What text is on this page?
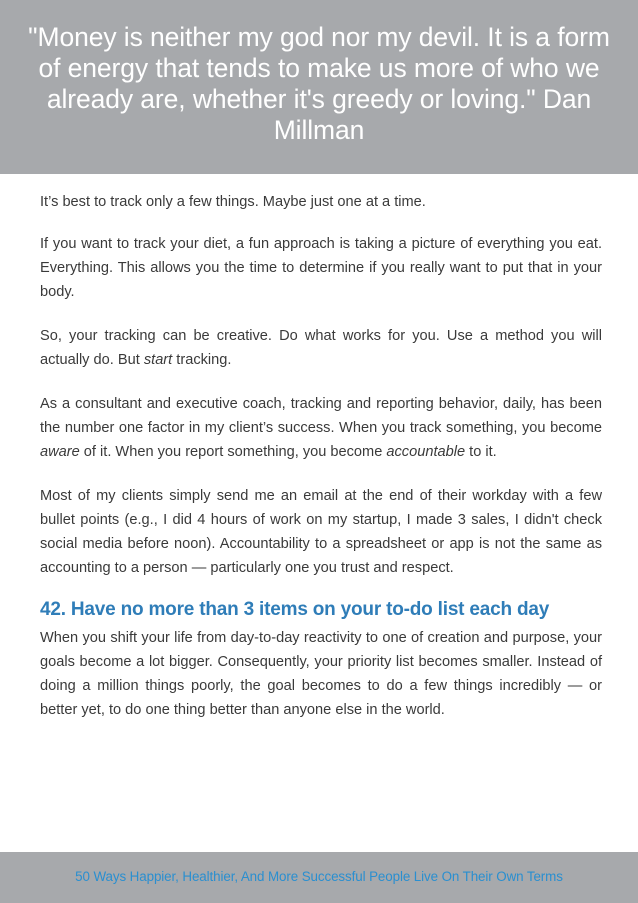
"Money is neither my god nor my devil. It is a form of energy that tends to make us more of who we already are, whether it's greedy or loving." Dan Millman

It’s best to track only a few things. Maybe just one at a time.

If you want to track your diet, a fun approach is taking a picture of everything you eat. Everything. This allows you the time to determine if you really want to put that in your body.

So, your tracking can be creative. Do what works for you. Use a method you will actually do. But start tracking.

As a consultant and executive coach, tracking and reporting behavior, daily, has been the number one factor in my client’s success. When you track something, you become aware of it. When you report something, you become accountable to it.

Most of my clients simply send me an email at the end of their workday with a few bullet points (e.g., I did 4 hours of work on my startup, I made 3 sales, I didn't check social media before noon). Accountability to a spreadsheet or app is not the same as accounting to a person — particularly one you trust and respect.

42. Have no more than 3 items on your to-do list each day

When you shift your life from day-to-day reactivity to one of creation and purpose, your goals become a lot bigger. Consequently, your priority list becomes smaller. Instead of doing a million things poorly, the goal becomes to do a few things incredibly — or better yet, to do one thing better than anyone else in the world.

50 Ways Happier, Healthier, And More Successful People Live On Their Own Terms
